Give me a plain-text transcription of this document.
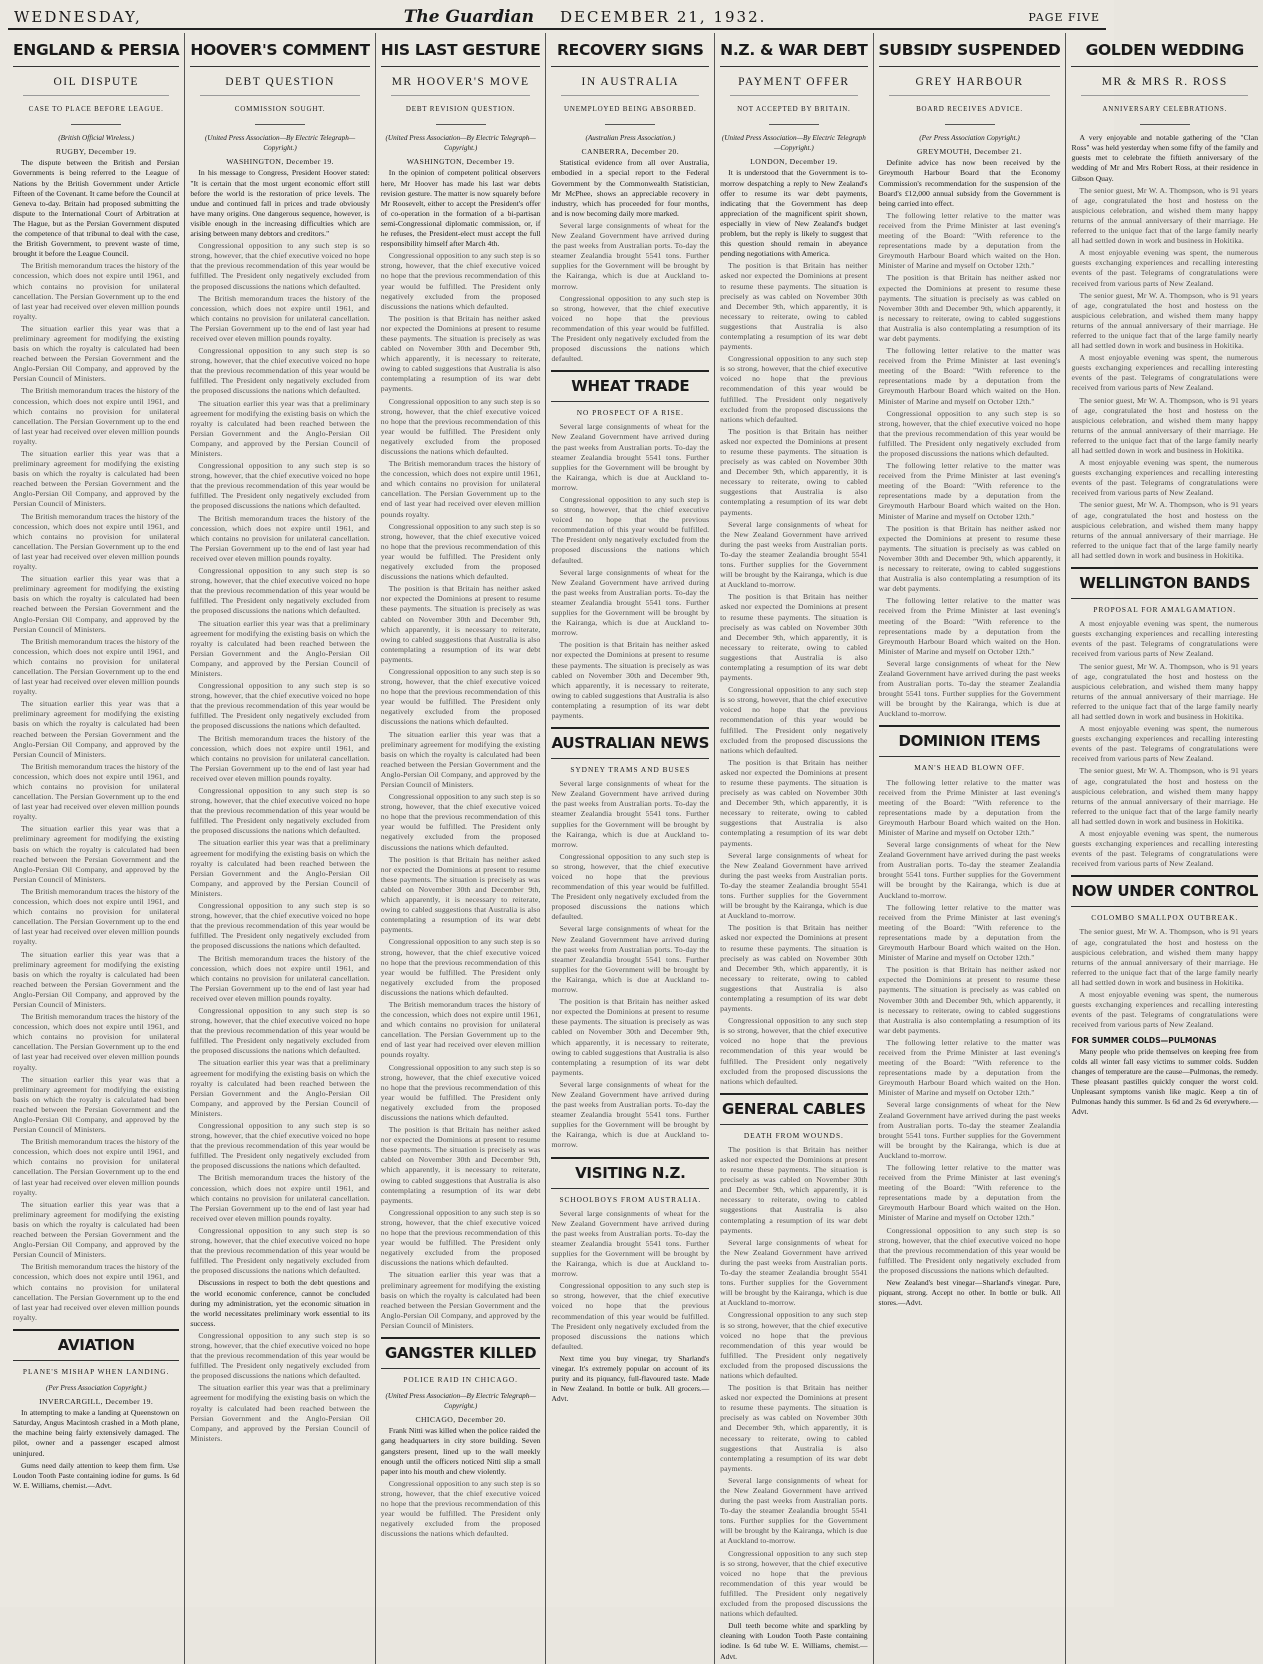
WEDNESDAY,	The Guardian DECEMBER 21, 1932.	PAGE FIVE
ENGLAND & PERSIA
OIL DISPUTE
CASE TO PLACE BEFORE LEAGUE.
(British Official Wireless.)
RUGBY, December 19.

The dispute between the British and Persian Governments is being referred to the League of Nations by the British Government under Article Fifteen of the Covenant. It came before the Council at Geneva to-day. Britain had proposed submitting the dispute to the International Court of Arbitration at The Hague, but as the Persian Government disputed the competence of that tribunal to deal with the case, the British Government, to prevent waste of time, brought it before the League Council.

The British memorandum traces the history of the concession, which does not expire until 1961, and which contains no provision for unilateral cancellation. The Persian Government up to the end of last year had received over eleven million pounds royalty.

The situation earlier this year was that a preliminary agreement for modifying the existing basis on which the royalty is calculated had been reached between the Persian Government and the Anglo-Persian Oil Company, and approved by the Persian Council of Ministers.

The British memorandum traces the history of the concession, which does not expire until 1961, and which contains no provision for unilateral cancellation. The Persian Government up to the end of last year had received over eleven million pounds royalty.

The situation earlier this year was that a preliminary agreement for modifying the existing basis on which the royalty is calculated had been reached between the Persian Government and the Anglo-Persian Oil Company, and approved by the Persian Council of Ministers.

The British memorandum traces the history of the concession, which does not expire until 1961, and which contains no provision for unilateral cancellation. The Persian Government up to the end of last year had received over eleven million pounds royalty.

The situation earlier this year was that a preliminary agreement for modifying the existing basis on which the royalty is calculated had been reached between the Persian Government and the Anglo-Persian Oil Company, and approved by the Persian Council of Ministers.

The British memorandum traces the history of the concession, which does not expire until 1961, and which contains no provision for unilateral cancellation. The Persian Government up to the end of last year had received over eleven million pounds royalty.

The situation earlier this year was that a preliminary agreement for modifying the existing basis on which the royalty is calculated had been reached between the Persian Government and the Anglo-Persian Oil Company, and approved by the Persian Council of Ministers.

The British memorandum traces the history of the concession, which does not expire until 1961, and which contains no provision for unilateral cancellation. The Persian Government up to the end of last year had received over eleven million pounds royalty.

The situation earlier this year was that a preliminary agreement for modifying the existing basis on which the royalty is calculated had been reached between the Persian Government and the Anglo-Persian Oil Company, and approved by the Persian Council of Ministers.

The British memorandum traces the history of the concession, which does not expire until 1961, and which contains no provision for unilateral cancellation. The Persian Government up to the end of last year had received over eleven million pounds royalty.

The situation earlier this year was that a preliminary agreement for modifying the existing basis on which the royalty is calculated had been reached between the Persian Government and the Anglo-Persian Oil Company, and approved by the Persian Council of Ministers.

The British memorandum traces the history of the concession, which does not expire until 1961, and which contains no provision for unilateral cancellation. The Persian Government up to the end of last year had received over eleven million pounds royalty.

The situation earlier this year was that a preliminary agreement for modifying the existing basis on which the royalty is calculated had been reached between the Persian Government and the Anglo-Persian Oil Company, and approved by the Persian Council of Ministers.

The British memorandum traces the history of the concession, which does not expire until 1961, and which contains no provision for unilateral cancellation. The Persian Government up to the end of last year had received over eleven million pounds royalty.

The situation earlier this year was that a preliminary agreement for modifying the existing basis on which the royalty is calculated had been reached between the Persian Government and the Anglo-Persian Oil Company, and approved by the Persian Council of Ministers.

The British memorandum traces the history of the concession, which does not expire until 1961, and which contains no provision for unilateral cancellation. The Persian Government up to the end of last year had received over eleven million pounds royalty.

AVIATION
PLANE'S MISHAP WHEN LANDING.
(Per Press Association Copyright.)
INVERCARGILL, December 19.

In attempting to make a landing at Queenstown on Saturday, Angus Macintosh crashed in a Moth plane, the machine being fairly extensively damaged. The pilot, owner and a passenger escaped almost uninjured.

Gums need daily attention to keep them firm. Use Loudon Tooth Paste containing iodine for gums. Is 6d W. E. Williams, chemist.—Advt.

HOOVER'S COMMENT
DEBT QUESTION
COMMISSION SOUGHT.
(United Press Association—By Electric Telegraph—Copyright.)
WASHINGTON, December 19.

In his message to Congress, President Hoover stated: "It is certain that the most urgent economic effort still before the world is the restoration of price levels. The undue and continued fall in prices and trade obviously have many origins. One dangerous sequence, however, is visible enough in the increasing difficulties which are arising between many debtors and creditors."

Congressional opposition to any such step is so strong, however, that the chief executive voiced no hope that the previous recommendation of this year would be fulfilled. The President only negatively excluded from the proposed discussions the nations which defaulted.

The British memorandum traces the history of the concession, which does not expire until 1961, and which contains no provision for unilateral cancellation. The Persian Government up to the end of last year had received over eleven million pounds royalty.

Congressional opposition to any such step is so strong, however, that the chief executive voiced no hope that the previous recommendation of this year would be fulfilled. The President only negatively excluded from the proposed discussions the nations which defaulted.

The situation earlier this year was that a preliminary agreement for modifying the existing basis on which the royalty is calculated had been reached between the Persian Government and the Anglo-Persian Oil Company, and approved by the Persian Council of Ministers.

Congressional opposition to any such step is so strong, however, that the chief executive voiced no hope that the previous recommendation of this year would be fulfilled. The President only negatively excluded from the proposed discussions the nations which defaulted.

The British memorandum traces the history of the concession, which does not expire until 1961, and which contains no provision for unilateral cancellation. The Persian Government up to the end of last year had received over eleven million pounds royalty.

Congressional opposition to any such step is so strong, however, that the chief executive voiced no hope that the previous recommendation of this year would be fulfilled. The President only negatively excluded from the proposed discussions the nations which defaulted.

The situation earlier this year was that a preliminary agreement for modifying the existing basis on which the royalty is calculated had been reached between the Persian Government and the Anglo-Persian Oil Company, and approved by the Persian Council of Ministers.

Congressional opposition to any such step is so strong, however, that the chief executive voiced no hope that the previous recommendation of this year would be fulfilled. The President only negatively excluded from the proposed discussions the nations which defaulted.

The British memorandum traces the history of the concession, which does not expire until 1961, and which contains no provision for unilateral cancellation. The Persian Government up to the end of last year had received over eleven million pounds royalty.

Congressional opposition to any such step is so strong, however, that the chief executive voiced no hope that the previous recommendation of this year would be fulfilled. The President only negatively excluded from the proposed discussions the nations which defaulted.

The situation earlier this year was that a preliminary agreement for modifying the existing basis on which the royalty is calculated had been reached between the Persian Government and the Anglo-Persian Oil Company, and approved by the Persian Council of Ministers.

Congressional opposition to any such step is so strong, however, that the chief executive voiced no hope that the previous recommendation of this year would be fulfilled. The President only negatively excluded from the proposed discussions the nations which defaulted.

The British memorandum traces the history of the concession, which does not expire until 1961, and which contains no provision for unilateral cancellation. The Persian Government up to the end of last year had received over eleven million pounds royalty.

Congressional opposition to any such step is so strong, however, that the chief executive voiced no hope that the previous recommendation of this year would be fulfilled. The President only negatively excluded from the proposed discussions the nations which defaulted.

The situation earlier this year was that a preliminary agreement for modifying the existing basis on which the royalty is calculated had been reached between the Persian Government and the Anglo-Persian Oil Company, and approved by the Persian Council of Ministers.

Congressional opposition to any such step is so strong, however, that the chief executive voiced no hope that the previous recommendation of this year would be fulfilled. The President only negatively excluded from the proposed discussions the nations which defaulted.

The British memorandum traces the history of the concession, which does not expire until 1961, and which contains no provision for unilateral cancellation. The Persian Government up to the end of last year had received over eleven million pounds royalty.

Congressional opposition to any such step is so strong, however, that the chief executive voiced no hope that the previous recommendation of this year would be fulfilled. The President only negatively excluded from the proposed discussions the nations which defaulted.

Discussions in respect to both the debt questions and the world economic conference, cannot be concluded during my administration, yet the economic situation in the world necessitates preliminary work essential to its success.

Congressional opposition to any such step is so strong, however, that the chief executive voiced no hope that the previous recommendation of this year would be fulfilled. The President only negatively excluded from the proposed discussions the nations which defaulted.

The situation earlier this year was that a preliminary agreement for modifying the existing basis on which the royalty is calculated had been reached between the Persian Government and the Anglo-Persian Oil Company, and approved by the Persian Council of Ministers.

HIS LAST GESTURE
MR HOOVER'S MOVE
DEBT REVISION QUESTION.
(United Press Association—By Electric Telegraph—Copyright.)
WASHINGTON, December 19.

In the opinion of competent political observers here, Mr Hoover has made his last war debts revision gesture. The matter is now squarely before Mr Roosevelt, either to accept the President's offer of co-operation in the formation of a bi-partisan semi-Congressional diplomatic commission, or, if he refuses, the President-elect must accept the full responsibility himself after March 4th.

Congressional opposition to any such step is so strong, however, that the chief executive voiced no hope that the previous recommendation of this year would be fulfilled. The President only negatively excluded from the proposed discussions the nations which defaulted.

The position is that Britain has neither asked nor expected the Dominions at present to resume these payments. The situation is precisely as was cabled on November 30th and December 9th, which apparently, it is necessary to reiterate, owing to cabled suggestions that Australia is also contemplating a resumption of its war debt payments.

Congressional opposition to any such step is so strong, however, that the chief executive voiced no hope that the previous recommendation of this year would be fulfilled. The President only negatively excluded from the proposed discussions the nations which defaulted.

The British memorandum traces the history of the concession, which does not expire until 1961, and which contains no provision for unilateral cancellation. The Persian Government up to the end of last year had received over eleven million pounds royalty.

Congressional opposition to any such step is so strong, however, that the chief executive voiced no hope that the previous recommendation of this year would be fulfilled. The President only negatively excluded from the proposed discussions the nations which defaulted.

The position is that Britain has neither asked nor expected the Dominions at present to resume these payments. The situation is precisely as was cabled on November 30th and December 9th, which apparently, it is necessary to reiterate, owing to cabled suggestions that Australia is also contemplating a resumption of its war debt payments.

Congressional opposition to any such step is so strong, however, that the chief executive voiced no hope that the previous recommendation of this year would be fulfilled. The President only negatively excluded from the proposed discussions the nations which defaulted.

The situation earlier this year was that a preliminary agreement for modifying the existing basis on which the royalty is calculated had been reached between the Persian Government and the Anglo-Persian Oil Company, and approved by the Persian Council of Ministers.

Congressional opposition to any such step is so strong, however, that the chief executive voiced no hope that the previous recommendation of this year would be fulfilled. The President only negatively excluded from the proposed discussions the nations which defaulted.

The position is that Britain has neither asked nor expected the Dominions at present to resume these payments. The situation is precisely as was cabled on November 30th and December 9th, which apparently, it is necessary to reiterate, owing to cabled suggestions that Australia is also contemplating a resumption of its war debt payments.

Congressional opposition to any such step is so strong, however, that the chief executive voiced no hope that the previous recommendation of this year would be fulfilled. The President only negatively excluded from the proposed discussions the nations which defaulted.

The British memorandum traces the history of the concession, which does not expire until 1961, and which contains no provision for unilateral cancellation. The Persian Government up to the end of last year had received over eleven million pounds royalty.

Congressional opposition to any such step is so strong, however, that the chief executive voiced no hope that the previous recommendation of this year would be fulfilled. The President only negatively excluded from the proposed discussions the nations which defaulted.

The position is that Britain has neither asked nor expected the Dominions at present to resume these payments. The situation is precisely as was cabled on November 30th and December 9th, which apparently, it is necessary to reiterate, owing to cabled suggestions that Australia is also contemplating a resumption of its war debt payments.

Congressional opposition to any such step is so strong, however, that the chief executive voiced no hope that the previous recommendation of this year would be fulfilled. The President only negatively excluded from the proposed discussions the nations which defaulted.

The situation earlier this year was that a preliminary agreement for modifying the existing basis on which the royalty is calculated had been reached between the Persian Government and the Anglo-Persian Oil Company, and approved by the Persian Council of Ministers.

GANGSTER KILLED
POLICE RAID IN CHICAGO.
(United Press Association—By Electric Telegraph—Copyright.)
CHICAGO, December 20.

Frank Nitti was killed when the police raided the gang headquarters in city store building. Seven gangsters present, lined up to the wall meekly enough until the officers noticed Nitti slip a small paper into his mouth and chew violently.

Congressional opposition to any such step is so strong, however, that the chief executive voiced no hope that the previous recommendation of this year would be fulfilled. The President only negatively excluded from the proposed discussions the nations which defaulted.

RECOVERY SIGNS
IN AUSTRALIA
UNEMPLOYED BEING ABSORBED.
(Australian Press Association.)
CANBERRA, December 20.

Statistical evidence from all over Australia, embodied in a special report to the Federal Government by the Commonwealth Statistician, Mr McPhee, shows an appreciable recovery in industry, which has proceeded for four months, and is now becoming daily more marked.

Several large consignments of wheat for the New Zealand Government have arrived during the past weeks from Australian ports. To-day the steamer Zealandia brought 5541 tons. Further supplies for the Government will be brought by the Kairanga, which is due at Auckland to-morrow.

Congressional opposition to any such step is so strong, however, that the chief executive voiced no hope that the previous recommendation of this year would be fulfilled. The President only negatively excluded from the proposed discussions the nations which defaulted.

WHEAT TRADE
NO PROSPECT OF A RISE.

Several large consignments of wheat for the New Zealand Government have arrived during the past weeks from Australian ports. To-day the steamer Zealandia brought 5541 tons. Further supplies for the Government will be brought by the Kairanga, which is due at Auckland to-morrow.

Congressional opposition to any such step is so strong, however, that the chief executive voiced no hope that the previous recommendation of this year would be fulfilled. The President only negatively excluded from the proposed discussions the nations which defaulted.

Several large consignments of wheat for the New Zealand Government have arrived during the past weeks from Australian ports. To-day the steamer Zealandia brought 5541 tons. Further supplies for the Government will be brought by the Kairanga, which is due at Auckland to-morrow.

The position is that Britain has neither asked nor expected the Dominions at present to resume these payments. The situation is precisely as was cabled on November 30th and December 9th, which apparently, it is necessary to reiterate, owing to cabled suggestions that Australia is also contemplating a resumption of its war debt payments.

AUSTRALIAN NEWS
SYDNEY TRAMS AND BUSES

Several large consignments of wheat for the New Zealand Government have arrived during the past weeks from Australian ports. To-day the steamer Zealandia brought 5541 tons. Further supplies for the Government will be brought by the Kairanga, which is due at Auckland to-morrow.

Congressional opposition to any such step is so strong, however, that the chief executive voiced no hope that the previous recommendation of this year would be fulfilled. The President only negatively excluded from the proposed discussions the nations which defaulted.

Several large consignments of wheat for the New Zealand Government have arrived during the past weeks from Australian ports. To-day the steamer Zealandia brought 5541 tons. Further supplies for the Government will be brought by the Kairanga, which is due at Auckland to-morrow.

The position is that Britain has neither asked nor expected the Dominions at present to resume these payments. The situation is precisely as was cabled on November 30th and December 9th, which apparently, it is necessary to reiterate, owing to cabled suggestions that Australia is also contemplating a resumption of its war debt payments.

Several large consignments of wheat for the New Zealand Government have arrived during the past weeks from Australian ports. To-day the steamer Zealandia brought 5541 tons. Further supplies for the Government will be brought by the Kairanga, which is due at Auckland to-morrow.

VISITING N.Z.
SCHOOLBOYS FROM AUSTRALIA.

Several large consignments of wheat for the New Zealand Government have arrived during the past weeks from Australian ports. To-day the steamer Zealandia brought 5541 tons. Further supplies for the Government will be brought by the Kairanga, which is due at Auckland to-morrow.

Congressional opposition to any such step is so strong, however, that the chief executive voiced no hope that the previous recommendation of this year would be fulfilled. The President only negatively excluded from the proposed discussions the nations which defaulted.

Next time you buy vinegar, try Sharland's vinegar. It's extremely popular on account of its purity and its piquancy, full-flavoured taste. Made in New Zealand. In bottle or bulk. All grocers.—Advt.

N.Z. & WAR DEBT
PAYMENT OFFER
NOT ACCEPTED BY BRITAIN.
(United Press Association—By Electric Telegraph—Copyright.)
LONDON, December 19.

It is understood that the Government is to-morrow despatching a reply to New Zealand's offer to resume its war debt payments, indicating that the Government has deep appreciation of the magnificent spirit shown, especially in view of New Zealand's budget problem, but the reply is likely to suggest that this question should remain in abeyance pending negotiations with America.

The position is that Britain has neither asked nor expected the Dominions at present to resume these payments. The situation is precisely as was cabled on November 30th and December 9th, which apparently, it is necessary to reiterate, owing to cabled suggestions that Australia is also contemplating a resumption of its war debt payments.

Congressional opposition to any such step is so strong, however, that the chief executive voiced no hope that the previous recommendation of this year would be fulfilled. The President only negatively excluded from the proposed discussions the nations which defaulted.

The position is that Britain has neither asked nor expected the Dominions at present to resume these payments. The situation is precisely as was cabled on November 30th and December 9th, which apparently, it is necessary to reiterate, owing to cabled suggestions that Australia is also contemplating a resumption of its war debt payments.

Several large consignments of wheat for the New Zealand Government have arrived during the past weeks from Australian ports. To-day the steamer Zealandia brought 5541 tons. Further supplies for the Government will be brought by the Kairanga, which is due at Auckland to-morrow.

The position is that Britain has neither asked nor expected the Dominions at present to resume these payments. The situation is precisely as was cabled on November 30th and December 9th, which apparently, it is necessary to reiterate, owing to cabled suggestions that Australia is also contemplating a resumption of its war debt payments.

Congressional opposition to any such step is so strong, however, that the chief executive voiced no hope that the previous recommendation of this year would be fulfilled. The President only negatively excluded from the proposed discussions the nations which defaulted.

The position is that Britain has neither asked nor expected the Dominions at present to resume these payments. The situation is precisely as was cabled on November 30th and December 9th, which apparently, it is necessary to reiterate, owing to cabled suggestions that Australia is also contemplating a resumption of its war debt payments.

Several large consignments of wheat for the New Zealand Government have arrived during the past weeks from Australian ports. To-day the steamer Zealandia brought 5541 tons. Further supplies for the Government will be brought by the Kairanga, which is due at Auckland to-morrow.

The position is that Britain has neither asked nor expected the Dominions at present to resume these payments. The situation is precisely as was cabled on November 30th and December 9th, which apparently, it is necessary to reiterate, owing to cabled suggestions that Australia is also contemplating a resumption of its war debt payments.

Congressional opposition to any such step is so strong, however, that the chief executive voiced no hope that the previous recommendation of this year would be fulfilled. The President only negatively excluded from the proposed discussions the nations which defaulted.

GENERAL CABLES
DEATH FROM WOUNDS.

The position is that Britain has neither asked nor expected the Dominions at present to resume these payments. The situation is precisely as was cabled on November 30th and December 9th, which apparently, it is necessary to reiterate, owing to cabled suggestions that Australia is also contemplating a resumption of its war debt payments.

Several large consignments of wheat for the New Zealand Government have arrived during the past weeks from Australian ports. To-day the steamer Zealandia brought 5541 tons. Further supplies for the Government will be brought by the Kairanga, which is due at Auckland to-morrow.

Congressional opposition to any such step is so strong, however, that the chief executive voiced no hope that the previous recommendation of this year would be fulfilled. The President only negatively excluded from the proposed discussions the nations which defaulted.

The position is that Britain has neither asked nor expected the Dominions at present to resume these payments. The situation is precisely as was cabled on November 30th and December 9th, which apparently, it is necessary to reiterate, owing to cabled suggestions that Australia is also contemplating a resumption of its war debt payments.

Several large consignments of wheat for the New Zealand Government have arrived during the past weeks from Australian ports. To-day the steamer Zealandia brought 5541 tons. Further supplies for the Government will be brought by the Kairanga, which is due at Auckland to-morrow.

Congressional opposition to any such step is so strong, however, that the chief executive voiced no hope that the previous recommendation of this year would be fulfilled. The President only negatively excluded from the proposed discussions the nations which defaulted.

Dull teeth become white and sparkling by cleaning with Loudon Tooth Paste containing iodine. Is 6d tube W. E. Williams, chemist.—Advt.

SUBSIDY SUSPENDED
GREY HARBOUR
BOARD RECEIVES ADVICE.
(Per Press Association Copyright.)
GREYMOUTH, December 21.

Definite advice has now been received by the Greymouth Harbour Board that the Economy Commission's recommendation for the suspension of the Board's £12,000 annual subsidy from the Government is being carried into effect.

The following letter relative to the matter was received from the Prime Minister at last evening's meeting of the Board: "With reference to the representations made by a deputation from the Greymouth Harbour Board which waited on the Hon. Minister of Marine and myself on October 12th."

The position is that Britain has neither asked nor expected the Dominions at present to resume these payments. The situation is precisely as was cabled on November 30th and December 9th, which apparently, it is necessary to reiterate, owing to cabled suggestions that Australia is also contemplating a resumption of its war debt payments.

The following letter relative to the matter was received from the Prime Minister at last evening's meeting of the Board: "With reference to the representations made by a deputation from the Greymouth Harbour Board which waited on the Hon. Minister of Marine and myself on October 12th."

Congressional opposition to any such step is so strong, however, that the chief executive voiced no hope that the previous recommendation of this year would be fulfilled. The President only negatively excluded from the proposed discussions the nations which defaulted.

The following letter relative to the matter was received from the Prime Minister at last evening's meeting of the Board: "With reference to the representations made by a deputation from the Greymouth Harbour Board which waited on the Hon. Minister of Marine and myself on October 12th."

The position is that Britain has neither asked nor expected the Dominions at present to resume these payments. The situation is precisely as was cabled on November 30th and December 9th, which apparently, it is necessary to reiterate, owing to cabled suggestions that Australia is also contemplating a resumption of its war debt payments.

The following letter relative to the matter was received from the Prime Minister at last evening's meeting of the Board: "With reference to the representations made by a deputation from the Greymouth Harbour Board which waited on the Hon. Minister of Marine and myself on October 12th."

Several large consignments of wheat for the New Zealand Government have arrived during the past weeks from Australian ports. To-day the steamer Zealandia brought 5541 tons. Further supplies for the Government will be brought by the Kairanga, which is due at Auckland to-morrow.

DOMINION ITEMS
MAN'S HEAD BLOWN OFF.

The following letter relative to the matter was received from the Prime Minister at last evening's meeting of the Board: "With reference to the representations made by a deputation from the Greymouth Harbour Board which waited on the Hon. Minister of Marine and myself on October 12th."

Several large consignments of wheat for the New Zealand Government have arrived during the past weeks from Australian ports. To-day the steamer Zealandia brought 5541 tons. Further supplies for the Government will be brought by the Kairanga, which is due at Auckland to-morrow.

The following letter relative to the matter was received from the Prime Minister at last evening's meeting of the Board: "With reference to the representations made by a deputation from the Greymouth Harbour Board which waited on the Hon. Minister of Marine and myself on October 12th."

The position is that Britain has neither asked nor expected the Dominions at present to resume these payments. The situation is precisely as was cabled on November 30th and December 9th, which apparently, it is necessary to reiterate, owing to cabled suggestions that Australia is also contemplating a resumption of its war debt payments.

The following letter relative to the matter was received from the Prime Minister at last evening's meeting of the Board: "With reference to the representations made by a deputation from the Greymouth Harbour Board which waited on the Hon. Minister of Marine and myself on October 12th."

Several large consignments of wheat for the New Zealand Government have arrived during the past weeks from Australian ports. To-day the steamer Zealandia brought 5541 tons. Further supplies for the Government will be brought by the Kairanga, which is due at Auckland to-morrow.

The following letter relative to the matter was received from the Prime Minister at last evening's meeting of the Board: "With reference to the representations made by a deputation from the Greymouth Harbour Board which waited on the Hon. Minister of Marine and myself on October 12th."

Congressional opposition to any such step is so strong, however, that the chief executive voiced no hope that the previous recommendation of this year would be fulfilled. The President only negatively excluded from the proposed discussions the nations which defaulted.

New Zealand's best vinegar—Sharland's vinegar. Pure, piquant, strong. Accept no other. In bottle or bulk. All stores.—Advt.

GOLDEN WEDDING
MR & MRS R. ROSS
ANNIVERSARY CELEBRATIONS.

A very enjoyable and notable gathering of the "Clan Ross" was held yesterday when some fifty of the family and guests met to celebrate the fiftieth anniversary of the wedding of Mr and Mrs Robert Ross, at their residence in Gibson Quay.

The senior guest, Mr W. A. Thompson, who is 91 years of age, congratulated the host and hostess on the auspicious celebration, and wished them many happy returns of the annual anniversary of their marriage. He referred to the unique fact that of the large family nearly all had settled down in work and business in Hokitika.

A most enjoyable evening was spent, the numerous guests exchanging experiences and recalling interesting events of the past. Telegrams of congratulations were received from various parts of New Zealand.

The senior guest, Mr W. A. Thompson, who is 91 years of age, congratulated the host and hostess on the auspicious celebration, and wished them many happy returns of the annual anniversary of their marriage. He referred to the unique fact that of the large family nearly all had settled down in work and business in Hokitika.

A most enjoyable evening was spent, the numerous guests exchanging experiences and recalling interesting events of the past. Telegrams of congratulations were received from various parts of New Zealand.

The senior guest, Mr W. A. Thompson, who is 91 years of age, congratulated the host and hostess on the auspicious celebration, and wished them many happy returns of the annual anniversary of their marriage. He referred to the unique fact that of the large family nearly all had settled down in work and business in Hokitika.

A most enjoyable evening was spent, the numerous guests exchanging experiences and recalling interesting events of the past. Telegrams of congratulations were received from various parts of New Zealand.

The senior guest, Mr W. A. Thompson, who is 91 years of age, congratulated the host and hostess on the auspicious celebration, and wished them many happy returns of the annual anniversary of their marriage. He referred to the unique fact that of the large family nearly all had settled down in work and business in Hokitika.

WELLINGTON BANDS
PROPOSAL FOR AMALGAMATION.

A most enjoyable evening was spent, the numerous guests exchanging experiences and recalling interesting events of the past. Telegrams of congratulations were received from various parts of New Zealand.

The senior guest, Mr W. A. Thompson, who is 91 years of age, congratulated the host and hostess on the auspicious celebration, and wished them many happy returns of the annual anniversary of their marriage. He referred to the unique fact that of the large family nearly all had settled down in work and business in Hokitika.

A most enjoyable evening was spent, the numerous guests exchanging experiences and recalling interesting events of the past. Telegrams of congratulations were received from various parts of New Zealand.

The senior guest, Mr W. A. Thompson, who is 91 years of age, congratulated the host and hostess on the auspicious celebration, and wished them many happy returns of the annual anniversary of their marriage. He referred to the unique fact that of the large family nearly all had settled down in work and business in Hokitika.

A most enjoyable evening was spent, the numerous guests exchanging experiences and recalling interesting events of the past. Telegrams of congratulations were received from various parts of New Zealand.

NOW UNDER CONTROL
COLOMBO SMALLPOX OUTBREAK.

The senior guest, Mr W. A. Thompson, who is 91 years of age, congratulated the host and hostess on the auspicious celebration, and wished them many happy returns of the annual anniversary of their marriage. He referred to the unique fact that of the large family nearly all had settled down in work and business in Hokitika.

A most enjoyable evening was spent, the numerous guests exchanging experiences and recalling interesting events of the past. Telegrams of congratulations were received from various parts of New Zealand.

FOR SUMMER COLDS—PULMONAS

Many people who pride themselves on keeping free from colds all winter fall easy victims to summer colds. Sudden changes of temperature are the cause—Pulmonas, the remedy. These pleasant pastilles quickly conquer the worst cold. Unpleasant symptoms vanish like magic. Keep a tin of Pulmonas handy this summer. Is 6d and 2s 6d everywhere.—Advt.
